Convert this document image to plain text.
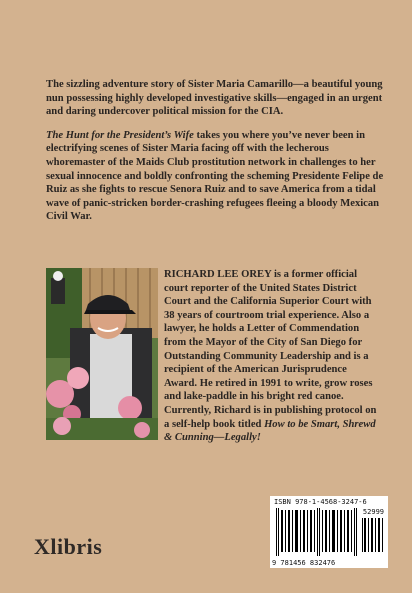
The sizzling adventure story of Sister Maria Camarillo—a beautiful young nun possessing highly developed investigative skills—engaged in an urgent and daring undercover political mission for the CIA.

The Hunt for the President’s Wife takes you where you’ve never been in electrifying scenes of Sister Maria facing off with the lecherous whoremaster of the Maids Club prostitution network in challenges to her sexual innocence and boldly confronting the scheming Presidente Felipe de Ruiz as she fights to rescue Senora Ruiz and to save America from a tidal wave of panic-stricken border-crashing refugees fleeing a bloody Mexican Civil War.

RICHARD LEE OREY is a former official court reporter of the United States District Court and the California Superior Court with 38 years of courtroom trial experience. Also a lawyer, he holds a Letter of Commendation from the Mayor of the City of San Diego for Outstanding Community Leadership and is a recipient of the American Jurisprudence Award. He retired in 1991 to write, grow roses and lake-paddle in his bright red canoe. Currently, Richard is in publishing protocol on a self-help book titled How to be Smart, Shrewd & Cunning—Legally!
Xlibris
ISBN 978-1-4568-3247-6
52999
9 781456 832476
